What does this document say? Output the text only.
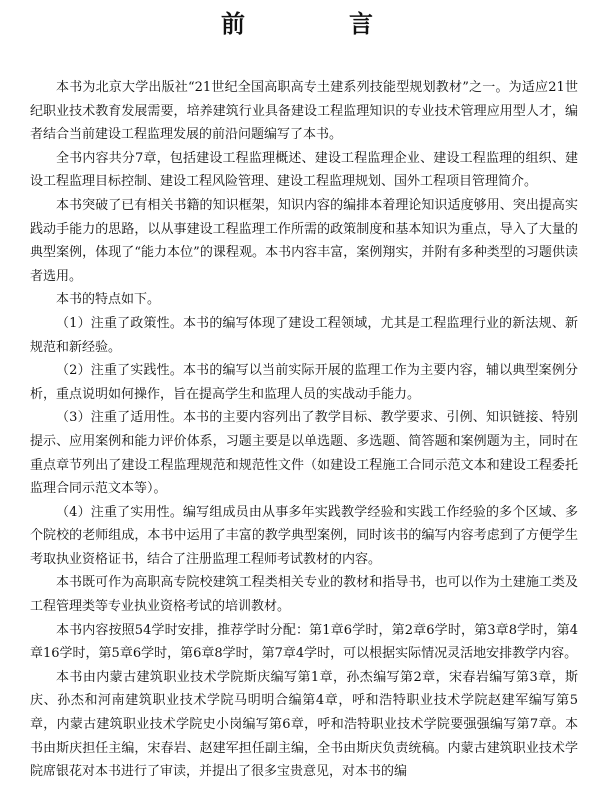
前　言

本书为北京大学出版社“21世纪全国高职高专土建系列技能型规划教材”之一。为适应21世纪职业技术教育发展需要，培养建筑行业具备建设工程监理知识的专业技术管理应用型人才，编者结合当前建设工程监理发展的前沿问题编写了本书。

全书内容共分7章，包括建设工程监理概述、建设工程监理企业、建设工程监理的组织、建设工程监理目标控制、建设工程风险管理、建设工程监理规划、国外工程项目管理简介。

本书突破了已有相关书籍的知识框架，知识内容的编排本着理论知识适度够用、突出提高实践动手能力的思路，以从事建设工程监理工作所需的政策制度和基本知识为重点，导入了大量的典型案例，体现了“能力本位”的课程观。本书内容丰富，案例翔实，并附有多种类型的习题供读者选用。

本书的特点如下。

（1）注重了政策性。本书的编写体现了建设工程领域，尤其是工程监理行业的新法规、新规范和新经验。

（2）注重了实践性。本书的编写以当前实际开展的监理工作为主要内容，辅以典型案例分析，重点说明如何操作，旨在提高学生和监理人员的实战动手能力。

（3）注重了适用性。本书的主要内容列出了教学目标、教学要求、引例、知识链接、特别提示、应用案例和能力评价体系，习题主要是以单选题、多选题、简答题和案例题为主，同时在重点章节列出了建设工程监理规范和规范性文件（如建设工程施工合同示范文本和建设工程委托监理合同示范文本等）。

（4）注重了实用性。编写组成员由从事多年实践教学经验和实践工作经验的多个区域、多个院校的老师组成，本书中运用了丰富的教学典型案例，同时该书的编写内容考虑到了方便学生考取执业资格证书，结合了注册监理工程师考试教材的内容。

本书既可作为高职高专院校建筑工程类相关专业的教材和指导书，也可以作为土建施工类及工程管理类等专业执业资格考试的培训教材。

本书内容按照54学时安排，推荐学时分配：第1章6学时，第2章6学时，第3章8学时，第4章16学时，第5章6学时，第6章8学时，第7章4学时，可以根据实际情况灵活地安排教学内容。

本书由内蒙古建筑职业技术学院斯庆编写第1章，孙杰编写第2章，宋春岩编写第3章，斯庆、孙杰和河南建筑职业技术学院马明明合编第4章，呼和浩特职业技术学院赵建军编写第5章，内蒙古建筑职业技术学院史小岗编写第6章，呼和浩特职业技术学院要强强编写第7章。本书由斯庆担任主编，宋春岩、赵建军担任副主编，全书由斯庆负责统稿。内蒙古建筑职业技术学院席银花对本书进行了审读，并提出了很多宝贵意见，对本书的编
